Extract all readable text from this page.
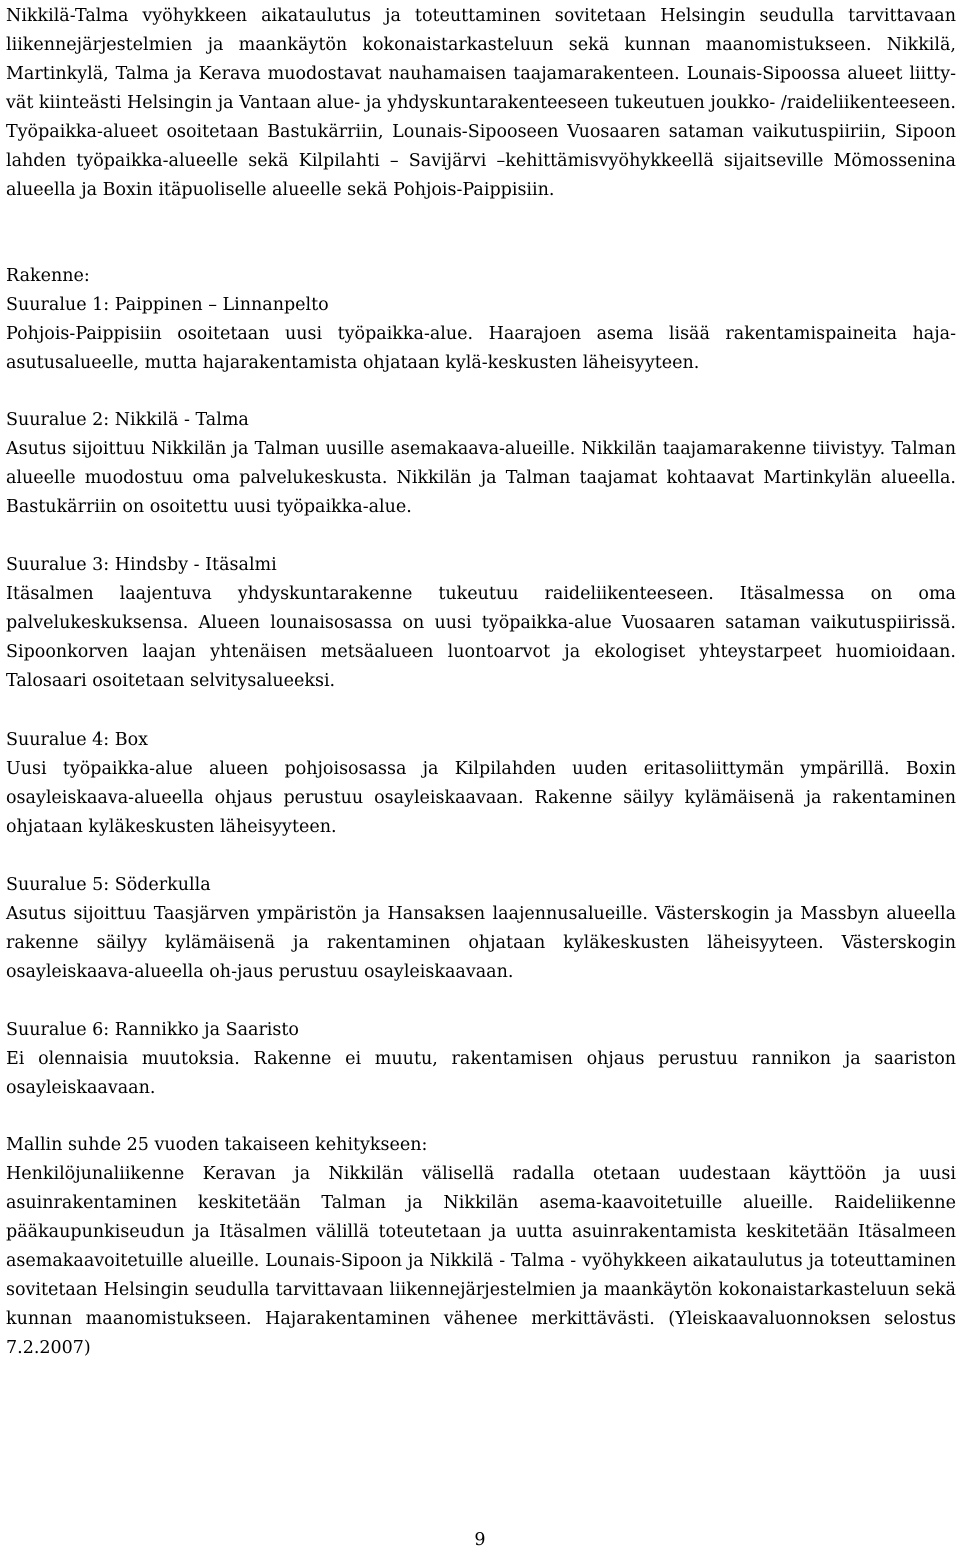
Nikkilä-Talma vyöhykkeen aikataulutus ja toteuttaminen sovitetaan Helsingin seudulla tarvittavaan liikennejärjestelmien ja maankäytön kokonaistarkasteluun sekä kunnan maanomistukseen. Nikkilä, Martinkylä, Talma ja Kerava muodostavat nauhamaisen taajamarakenteen. Lounais-Sipoossa alueet liitty-vät kiinteästi Helsingin ja Vantaan alue- ja yhdyskuntarakenteeseen tukeutuen joukko- /raideliikenteeseen. Työpaikka-alueet osoitetaan Bastukärriin, Lounais-Sipooseen Vuosaaren sataman vaikutuspiiriin, Sipoon lahden työpaikka-alueelle sekä Kilpilahti – Savijärvi –kehittämisvyöhykkeellä sijaitseville Mömossenina alueella ja Boxin itäpuoliselle alueelle sekä Pohjois-Paippisiin.

Rakenne:
Suuralue 1: Paippinen – Linnanpelto

Pohjois-Paippisiin osoitetaan uusi työpaikka-alue. Haarajoen asema lisää rakentamispaineita haja-asutusalueelle, mutta hajarakentamista ohjataan kylä-keskusten läheisyyteen.

Suuralue 2: Nikkilä - Talma

Asutus sijoittuu Nikkilän ja Talman uusille asemakaava-alueille. Nikkilän taajamarakenne tiivistyy. Talman alueelle muodostuu oma palvelukeskusta. Nikkilän ja Talman taajamat kohtaavat Martinkylän alueella. Bastukärriin on osoitettu uusi työpaikka-alue.

Suuralue 3: Hindsby - Itäsalmi

Itäsalmen laajentuva yhdyskuntarakenne tukeutuu raideliikenteeseen. Itäsalmessa on oma palvelukeskuksensa. Alueen lounaisosassa on uusi työpaikka-alue Vuosaaren sataman vaikutuspiirissä. Sipoonkorven laajan yhtenäisen metsäalueen luontoarvot ja ekologiset yhteystarpeet huomioidaan. Talosaari osoitetaan selvitysalueeksi.

Suuralue 4: Box

Uusi työpaikka-alue alueen pohjoisosassa ja Kilpilahden uuden eritasoliittymän ympärillä. Boxin osayleiskaava-alueella ohjaus perustuu osayleiskaavaan. Rakenne säilyy kylämäisenä ja rakentaminen ohjataan kyläkeskusten läheisyyteen.

Suuralue 5: Söderkulla

Asutus sijoittuu Taasjärven ympäristön ja Hansaksen laajennusalueille. Västerskogin ja Massbyn alueella rakenne säilyy kylämäisenä ja rakentaminen ohjataan kyläkeskusten läheisyyteen. Västerskogin osayleiskaava-alueella oh-jaus perustuu osayleiskaavaan.

Suuralue 6: Rannikko ja Saaristo

Ei olennaisia muutoksia. Rakenne ei muutu, rakentamisen ohjaus perustuu rannikon ja saariston osayleiskaavaan.

Mallin suhde 25 vuoden takaiseen kehitykseen:

Henkilöjunaliikenne Keravan ja Nikkilän välisellä radalla otetaan uudestaan käyttöön ja uusi asuinrakentaminen keskitetään Talman ja Nikkilän asema-kaavoitetuille alueille. Raideliikenne pääkaupunkiseudun ja Itäsalmen välillä toteutetaan ja uutta asuinrakentamista keskitetään Itäsalmeen asemakaavoitetuille alueille. Lounais-Sipoon ja Nikkilä - Talma - vyöhykkeen aikataulutus ja toteuttaminen sovitetaan Helsingin seudulla tarvittavaan liikennejärjestelmien ja maankäytön kokonaistarkasteluun sekä kunnan maanomistukseen. Hajarakentaminen vähenee merkittävästi. (Yleiskaavaluonnoksen selostus 7.2.2007)

9
